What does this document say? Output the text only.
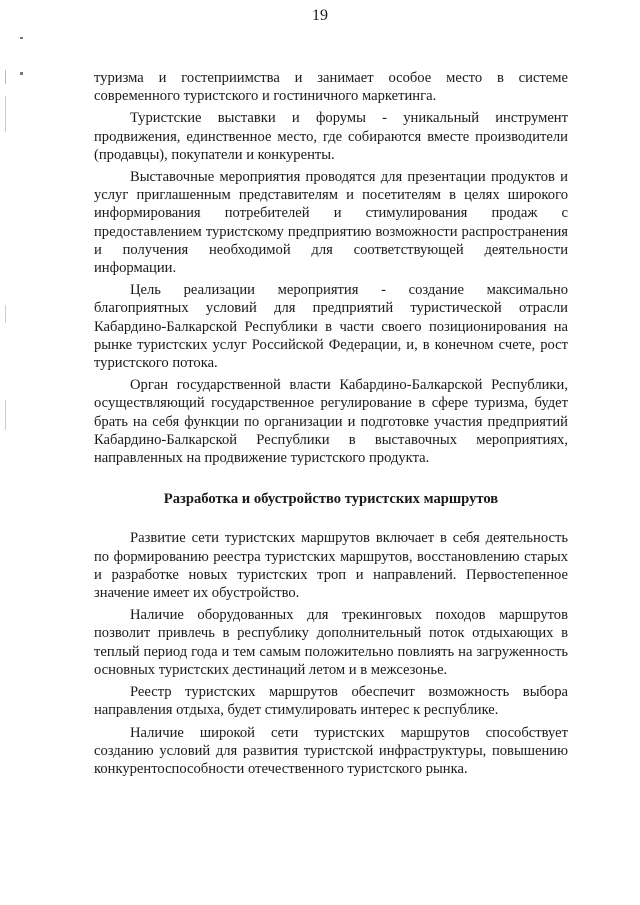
19

туризма и гостеприимства и занимает особое место в системе современного туристского и гостиничного маркетинга.

Туристские выставки и форумы - уникальный инструмент продвижения, единственное место, где собираются вместе производители (продавцы), покупатели и конкуренты.

Выставочные мероприятия проводятся для презентации продуктов и услуг приглашенным представителям и посетителям в целях широкого информирования потребителей и стимулирования продаж с предоставлением туристскому предприятию возможности распространения и получения необходимой для соответствующей деятельности информации.

Цель реализации мероприятия - создание максимально благоприятных условий для предприятий туристической отрасли Кабардино-Балкарской Республики в части своего позиционирования на рынке туристских услуг Российской Федерации, и, в конечном счете, рост туристского потока.

Орган государственной власти Кабардино-Балкарской Республики, осуществляющий государственное регулирование в сфере туризма, будет брать на себя функции по организации и подготовке участия предприятий Кабардино-Балкарской Республики в выставочных мероприятиях, направленных на продвижение туристского продукта.

Разработка и обустройство туристских маршрутов

Развитие сети туристских маршрутов включает в себя деятельность по формированию реестра туристских маршрутов, восстановлению старых и разработке новых туристских троп и направлений. Первостепенное значение имеет их обустройство.

Наличие оборудованных для трекинговых походов маршрутов позволит привлечь в республику дополнительный поток отдыхающих в теплый период года и тем самым положительно повлиять на загруженность основных туристских дестинаций летом и в межсезонье.

Реестр туристских маршрутов обеспечит возможность выбора направления отдыха, будет стимулировать интерес к республике.

Наличие широкой сети туристских маршрутов способствует созданию условий для развития туристской инфраструктуры, повышению конкурентоспособности отечественного туристского рынка.
